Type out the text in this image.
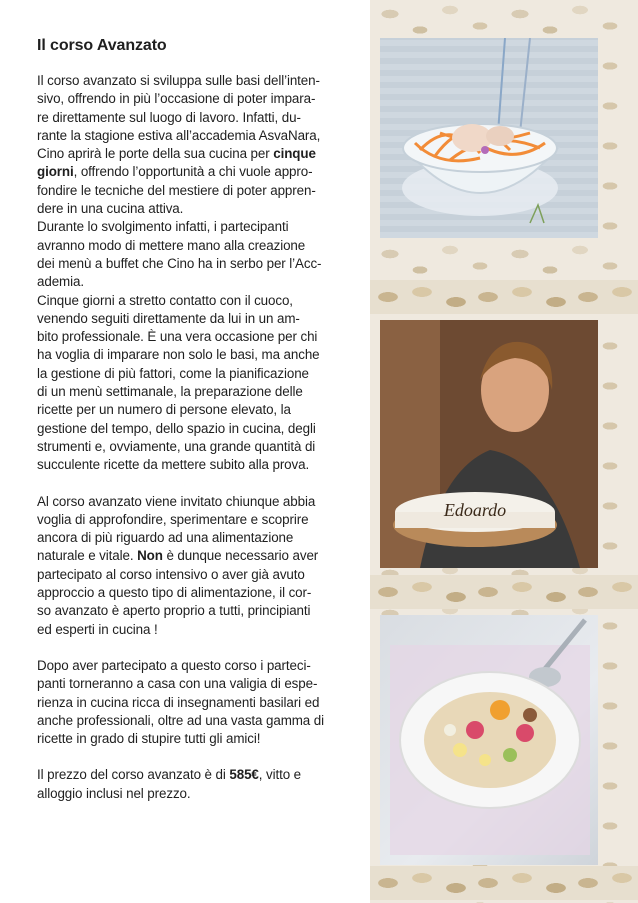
Edoardo
Il corso Avanzato
Il corso avanzato si sviluppa sulle basi dell’inten-
sivo, offrendo in più l’occasione di poter impara-
re direttamente sul luogo di lavoro. Infatti, du-
rante la stagione estiva all’accademia AsvaNara,
Cino aprirà le porte della sua cucina per cinque
giorni, offrendo l’opportunità a chi vuole appro-
fondire le tecniche del mestiere di poter appren-
dere in una cucina attiva.
Durante lo svolgimento infatti, i partecipanti
avranno modo di mettere mano alla creazione
dei menù a buffet che Cino ha in serbo per l’Acc-
ademia.
Cinque giorni a stretto contatto con il cuoco,
venendo seguiti direttamente da lui in un am-
bito professionale. È una vera occasione per chi
ha voglia di imparare non solo le basi, ma anche
la gestione di più fattori, come la pianificazione
di un menù settimanale, la preparazione delle
ricette per un numero di persone elevato, la
gestione del tempo, dello spazio in cucina, degli
strumenti e, ovviamente, una grande quantità di
succulente ricette da mettere subito alla prova.
Al corso avanzato viene invitato chiunque abbia
voglia di approfondire, sperimentare e scoprire
ancora di più riguardo ad una alimentazione
naturale e vitale. Non è dunque necessario aver
partecipato al corso intensivo o aver già avuto
approccio a questo tipo di alimentazione, il cor-
so avanzato è aperto proprio a tutti, principianti
ed esperti in cucina !
Dopo aver partecipato a questo corso i parteci-
panti torneranno a casa con una valigia di espe-
rienza in cucina ricca di insegnamenti basilari ed
anche professionali, oltre ad una vasta gamma di
ricette in grado di stupire tutti gli amici!
Il prezzo del corso avanzato è di 585€, vitto e
alloggio inclusi nel prezzo.
